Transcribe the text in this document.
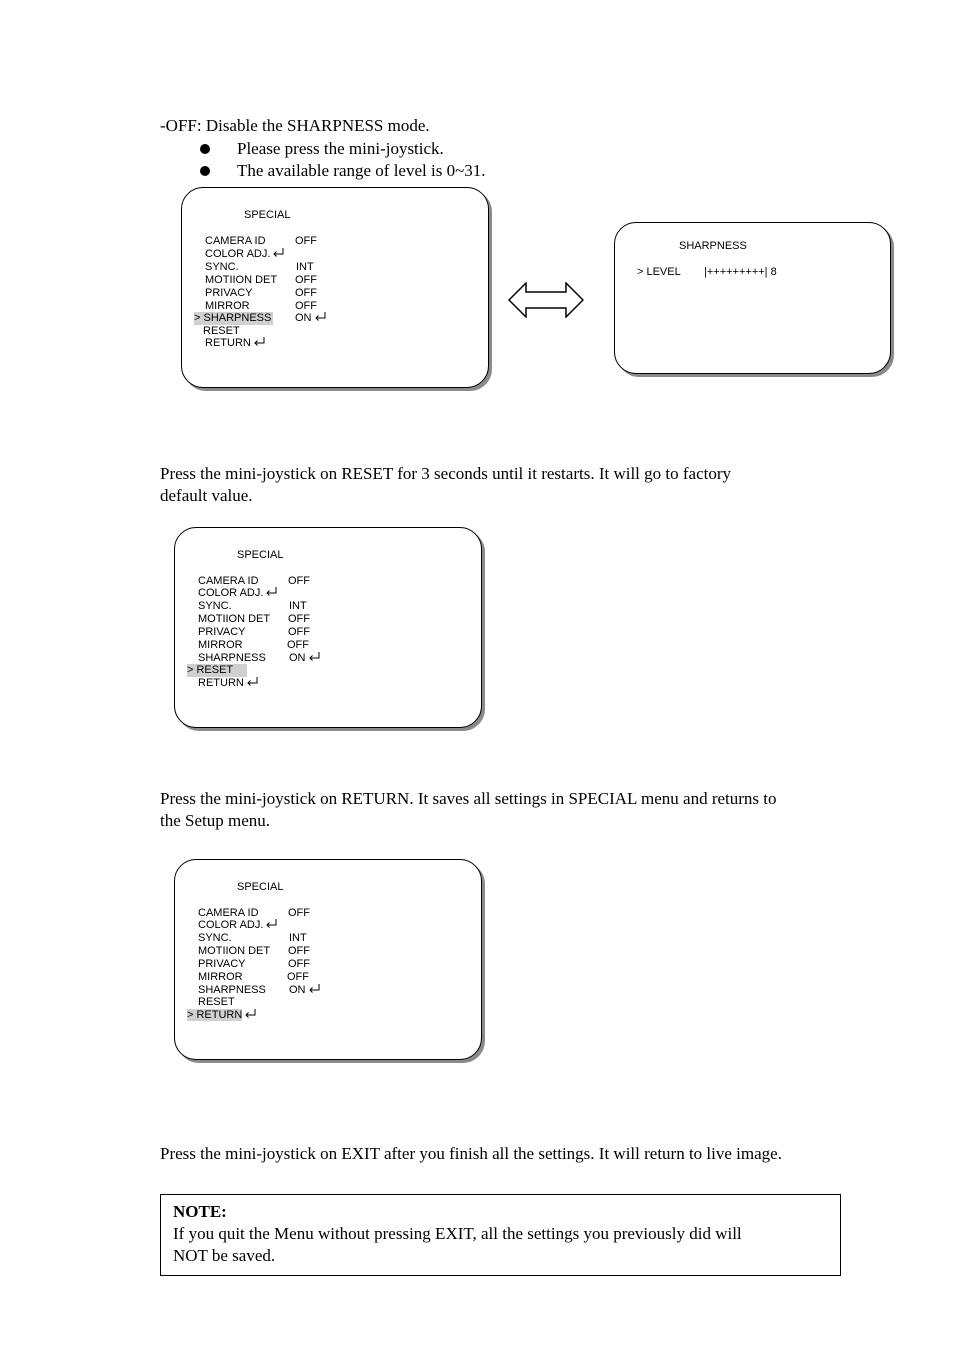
-OFF: Disable the SHARPNESS mode.

Please press the mini-joystick.
The available range of level is 0~31.
SPECIAL
CAMERA ID	OFF
COLOR ADJ.
SYNC.	INT
MOTIION DET OFF
PRIVACY	OFF
MIRROR	OFF
> SHARPNESS ON
RESET
RETURN
SHARPNESS
> LEVEL |+++++++++| 8

Press the mini-joystick on RESET for 3 seconds until it restarts. It will go to factory
default value.

SPECIAL
CAMERA ID	OFF
COLOR ADJ.
SYNC.	INT
MOTIION DET OFF
PRIVACY	OFF
MIRROR	OFF
SHARPNESS ON
> RESET
RETURN

Press the mini-joystick on RETURN. It saves all settings in SPECIAL menu and returns to
the Setup menu.

SPECIAL
CAMERA ID	OFF
COLOR ADJ.
SYNC.	INT
MOTIION DET OFF
PRIVACY	OFF
MIRROR	OFF
SHARPNESS ON
RESET
> RETURN

Press the mini-joystick on EXIT after you finish all the settings. It will return to live image.

NOTE:
If you quit the Menu without pressing EXIT, all the settings you previously did will
NOT be saved.
